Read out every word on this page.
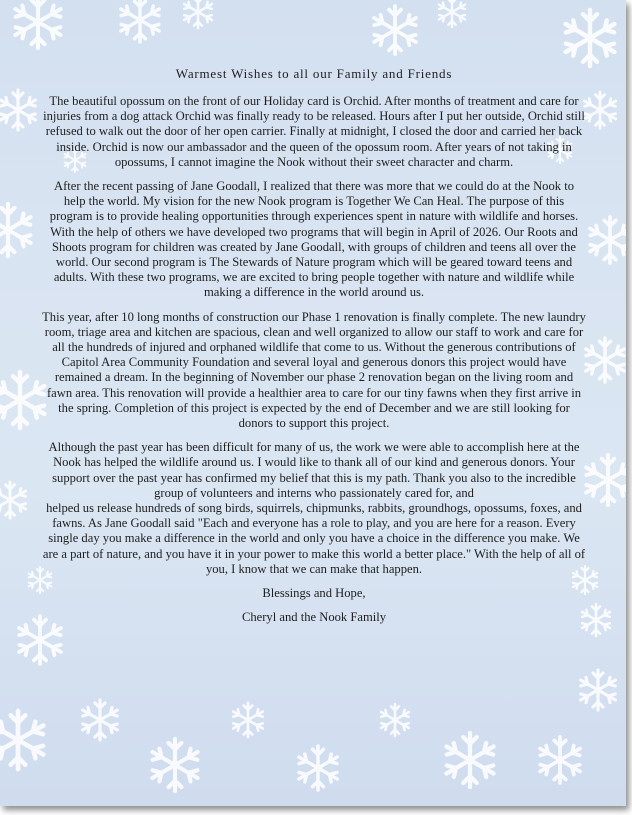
Warmest Wishes to all our Family and Friends

The beautiful opossum on the front of our Holiday card is Orchid. After months of treatment and care for injuries from a dog attack Orchid was finally ready to be released. Hours after I put her outside, Orchid still refused to walk out the door of her open carrier. Finally at midnight, I closed the door and carried her back inside. Orchid is now our ambassador and the queen of the opossum room. After years of not taking in opossums, I cannot imagine the Nook without their sweet character and charm.

After the recent passing of Jane Goodall, I realized that there was more that we could do at the Nook to help the world. My vision for the new Nook program is Together We Can Heal. The purpose of this program is to provide healing opportunities through experiences spent in nature with wildlife and horses. With the help of others we have developed two programs that will begin in April of 2026. Our Roots and Shoots program for children was created by Jane Goodall, with groups of children and teens all over the world. Our second program is The Stewards of Nature program which will be geared toward teens and adults. With these two programs, we are excited to bring people together with nature and wildlife while making a difference in the world around us.

This year, after 10 long months of construction our Phase 1 renovation is finally complete. The new laundry room, triage area and kitchen are spacious, clean and well organized to allow our staff to work and care for all the hundreds of injured and orphaned wildlife that come to us. Without the generous contributions of Capitol Area Community Foundation and several loyal and generous donors this project would have remained a dream. In the beginning of November our phase 2 renovation began on the living room and fawn area. This renovation will provide a healthier area to care for our tiny fawns when they first arrive in the spring. Completion of this project is expected by the end of December and we are still looking for donors to support this project.

Although the past year has been difficult for many of us, the work we were able to accomplish here at the Nook has helped the wildlife around us. I would like to thank all of our kind and generous donors. Your support over the past year has confirmed my belief that this is my path. Thank you also to the incredible group of volunteers and interns who passionately cared for, and

helped us release hundreds of song birds, squirrels, chipmunks, rabbits, groundhogs, opossums, foxes, and fawns. As Jane Goodall said "Each and everyone has a role to play, and you are here for a reason. Every single day you make a difference in the world and only you have a choice in the difference you make. We are a part of nature, and you have it in your power to make this world a better place." With the help of all of you, I know that we can make that happen.

Blessings and Hope,

Cheryl and the Nook Family
